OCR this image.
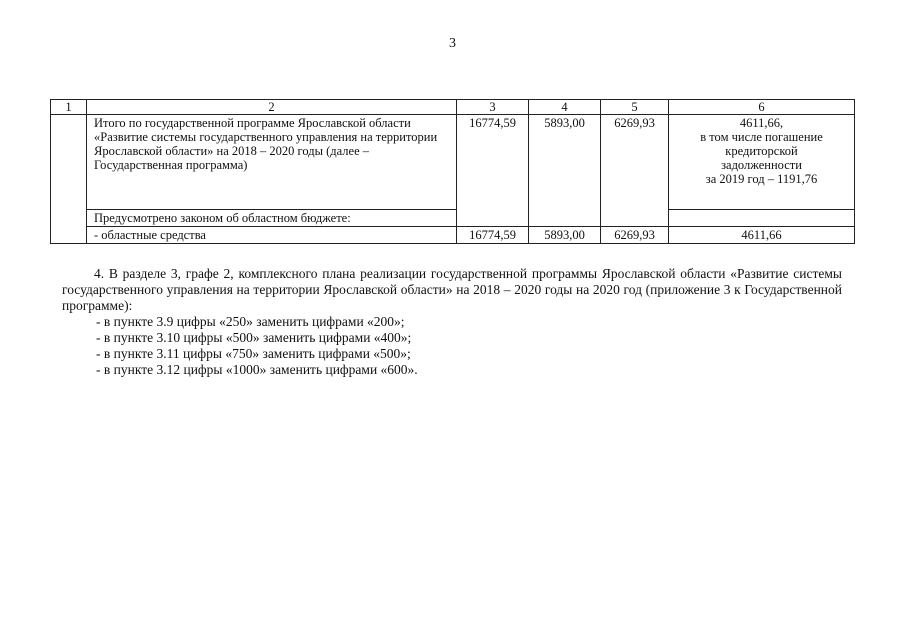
3
1	2	3	4	5	6

	Итого по государственной программе Ярославской области «Развитие системы государственного управления на территории Ярославской области» на 2018 – 2020 годы (далее – Государственная программа)	16774,59	5893,00	6269,93	4611,66,
в том числе погашение
кредиторской
задолженности
за 2019 год – 1191,76

	Предусмотрено законом об областном бюджете:				

	- областные средства	16774,59	5893,00	6269,93	4611,66

4. В разделе 3, графе 2, комплексного плана реализации государственной программы Ярославской области «Развитие системы государственного управления на территории Ярославской области» на 2018 – 2020 годы на 2020 год (приложение 3 к Государственной программе):

- в пункте 3.9 цифры «250» заменить цифрами «200»;
- в пункте 3.10 цифры «500» заменить цифрами «400»;
- в пункте 3.11 цифры «750» заменить цифрами «500»;
- в пункте 3.12 цифры «1000» заменить цифрами «600».
